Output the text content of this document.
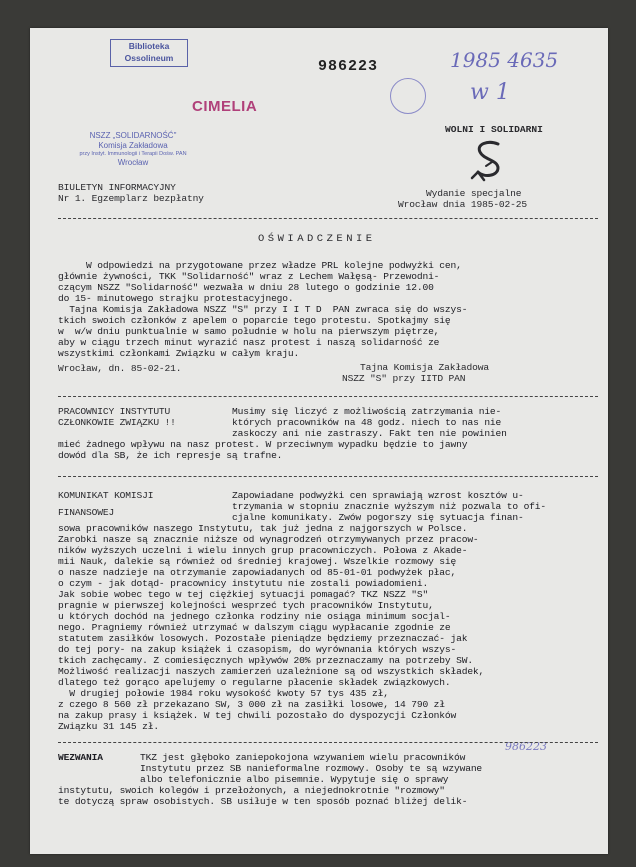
Biblioteka Ossolineum	986223	1985 4635
w 1
CIMELIA
NSZZ „SOLIDARNOŚĆ"
Komisja Zakładowa
przy Instyt. Immunologii i Terapii Dośw. PAN
Wrocław
WOLNI I SOLIDARNI
BIULETYN INFORMACYJNY
Nr 1. Egzemplarz bezpłatny	Wydanie specjalne
Wrocław dnia 1985-02-25
OŚWIADCZENIE
W odpowiedzi na przygotowane przez władze PRL kolejne podwyżki cen,
głównie żywności, TKK "Solidarność" wraz z Lechem Wałęsą- Przewodni-
czącym NSZZ "Solidarność" wezwała w dniu 28 lutego o godzinie 12.00
do 15- minutowego strajku protestacyjnego.
Tajna Komisja Zakładowa NSZZ "S" przy I I T D  PAN zwraca się do wszys-
tkich swoich członków z apelem o poparcie tego protestu. Spotkajmy się
w  w/w dniu punktualnie w samo południe w holu na pierwszym piętrze,
aby w ciągu trzech minut wyrazić nasz protest i naszą solidarność ze
wszystkimi członkami Związku w całym kraju.
Wrocław, dn. 85-02-21.	Tajna Komisja Zakładowa
NSZZ "S" przy IITD PAN
PRACOWNICY INSTYTUTU
CZŁONKOWIE ZWIĄZKU !!
Musimy się liczyć z możliwością zatrzymania nie-
których pracowników na 48 godz. niech to nas nie
zaskoczy ani nie zastraszy. Fakt ten nie powinien
mieć żadnego wpływu na nasz protest. W przeciwnym wypadku będzie to jawny
dowód dla SB, że ich represje są trafne.
KOMUNIKAT KOMISJI
FINANSOWEJ
Zapowiadane podwyżki cen sprawiają wzrost kosztów u-
trzymania w stopniu znacznie wyższym niż pozwala to ofi-
cjalne komunikaty. Zwów pogorszy się sytuacja finan-
sowa pracowników naszego Instytutu, tak już jedna z najgorszych w Polsce.
Zarobki nasze są znacznie niższe od wynagrodzeń otrzymywanych przez pracow-
ników wyższych uczelni i wielu innych grup pracowniczych. Połowa z Akade-
mii Nauk, dalekie są również od średniej krajowej. Wszelkie rozmowy się
o nasze nadzieje na otrzymanie zapowiadanych od 85-01-01 podwyżek płac,
o czym - jak dotąd- pracownicy instytutu nie zostali powiadomieni.
Jak sobie wobec tego w tej ciężkiej sytuacji pomagać? TKZ NSZZ "S"
pragnie w pierwszej kolejności wesprzeć tych pracowników Instytutu,
u których dochód na jednego członka rodziny nie osiąga minimum socjal-
nego. Pragniemy również utrzymać w dalszym ciągu wypłacanie zgodnie ze
statutem zasiłków losowych. Pozostałe pieniądze będziemy przeznaczać- jak
do tej pory- na zakup książek i czasopism, do wyrównania których wszys-
tkich zachęcamy. Z comiesięcznych wpływów 20% przeznaczamy na potrzeby SW.
Możliwość realizacji naszych zamierzeń uzależnione są od wszystkich składek,
dlatego też gorąco apelujemy o regularne płacenie składek związkowych.
W drugiej połowie 1984 roku wysokość kwoty 57 tys 435 zł,
z czego 8 560 zł przekazano SW, 3 000 zł na zasiłki losowe, 14 790 zł
na zakup prasy i książek. W tej chwili pozostało do dyspozycji Członków
Związku 31 145 zł.
986223
WEZWANIA	TKZ jest głęboko zaniepokojona wzywaniem wielu pracowników
Instytutu przez SB nanieformalne rozmowy. Osoby te są wzywane
albo telefonicznie albo pisemnie. Wypytuje się o sprawy
instytutu, swoich kolegów i przełożonych, a niejednokrotnie "rozmowy"
te dotyczą spraw osobistych. SB usiłuje w ten sposób poznać bliżej delik-
